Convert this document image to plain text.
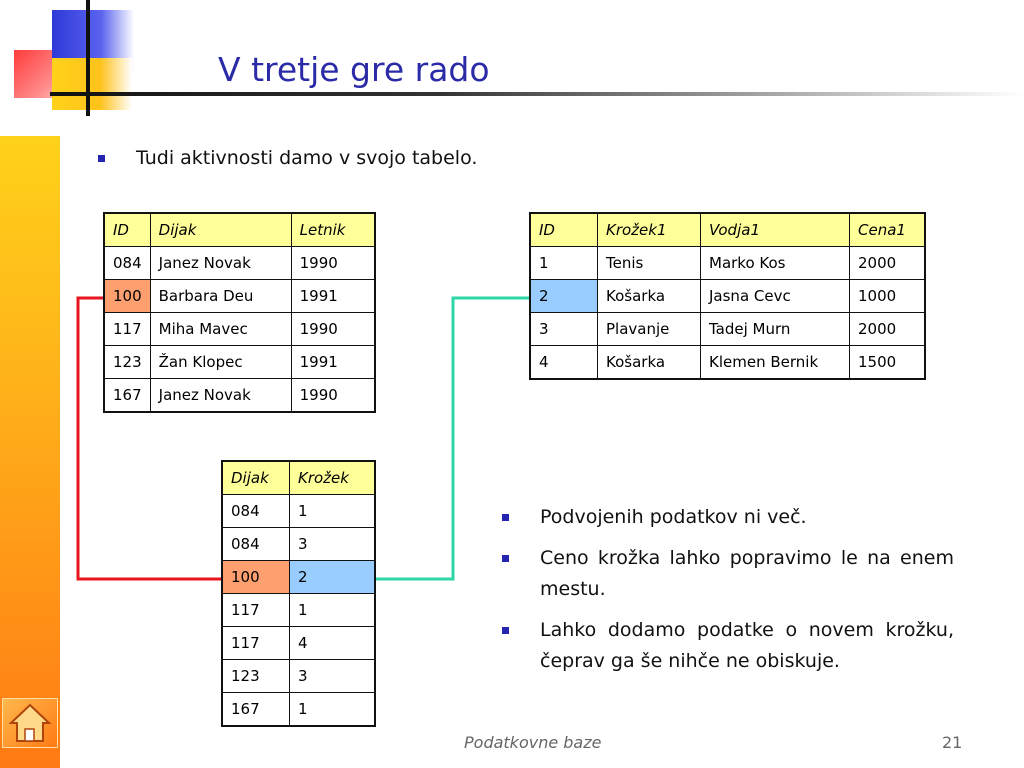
V tretje gre rado
Tudi aktivnosti damo v svojo tabelo.
ID	Dijak	Letnik
084	Janez Novak	1990
100	Barbara Deu	1991
117	Miha Mavec	1990
123	Žan Klopec	1991
167	Janez Novak	1990
ID	Krožek1	Vodja1	Cena1
1	Tenis	Marko Kos	2000
2	Košarka	Jasna Cevc	1000
3	Plavanje	Tadej Murn	2000
4	Košarka	Klemen Bernik	1500
Dijak	Krožek
084	1
084	3
100	2
117	1
117	4
123	3
167	1
Podvojenih podatkov ni več.
Ceno krožka lahko popravimo le na enem mestu.
Lahko dodamo podatke o novem krožku, čeprav ga še nihče ne obiskuje.
Podatkovne baze	21
